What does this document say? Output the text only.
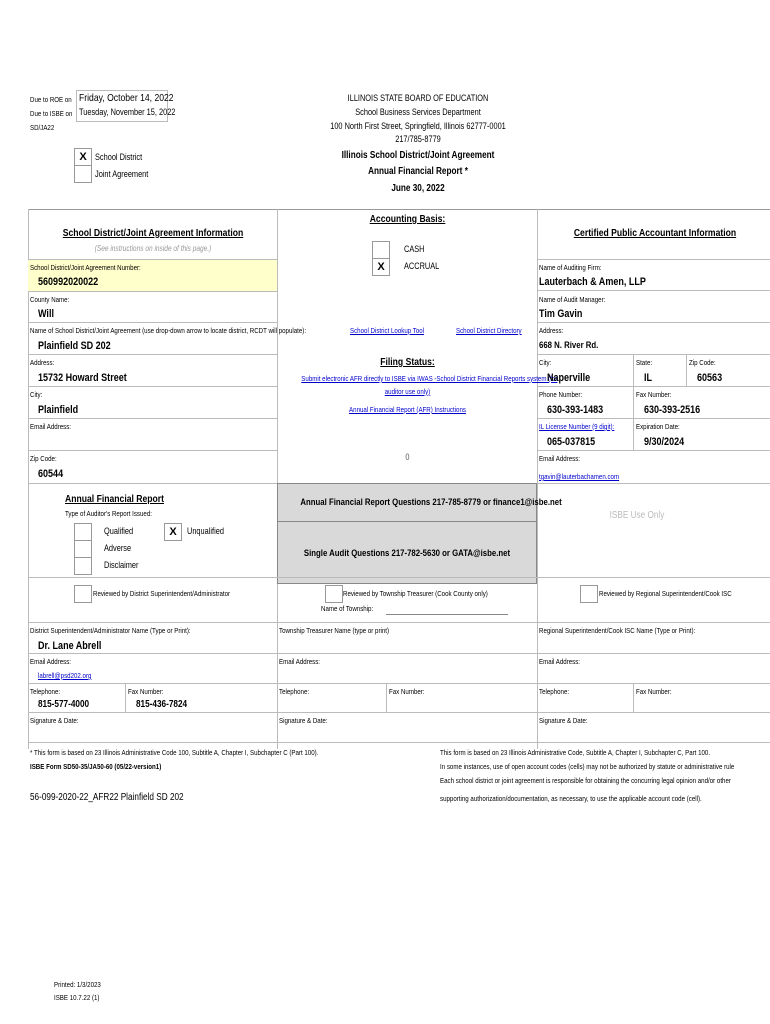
Due to ROE on Friday, October 14, 2022
Due to ISBE on Tuesday, November 15, 2022
SD/JA22
X School District
Joint Agreement
ILLINOIS STATE BOARD OF EDUCATION
School Business Services Department
100 North First Street, Springfield, Illinois 62777-0001
217/785-8779
Illinois School District/Joint Agreement
Annual Financial Report *
June 30, 2022
School District/Joint Agreement Information
(See instructions on inside of this page.)
School District/Joint Agreement Number:
560992020022
County Name:
Will
Name of School District/Joint Agreement (use drop-down arrow to locate district, RCDT will populate):
Plainfield SD 202
Address:
15732 Howard Street
City:
Plainfield
Email Address:
Zip Code:
60544
Accounting Basis:
CASH
X	ACCRUAL
School District Lookup Tool	School District Directory
Filing Status:
Submit electronic AFR directly to ISBE via IWAS -School District Financial Reports system (for
auditor use only)
Annual Financial Report (AFR) Instructions
0
Certified Public Accountant Information
Name of Auditing Firm:
Lauterbach & Amen, LLP
Name of Audit Manager:
Tim Gavin
Address:
668 N. River Rd.
City:
Naperville
State:
IL
Zip Code:
60563
Phone Number:
630-393-1483
Fax Number:
630-393-2516
IL License Number (9 digit):
065-037815
Expiration Date:
9/30/2024
Email Address:
tgavin@lauterbachamen.com
Annual Financial Report
Type of Auditor's Report Issued:
Qualified	X	Unqualified
Adverse
Disclaimer
Annual Financial Report Questions 217-785-8779 or finance1@isbe.net
Single Audit Questions 217-782-5630 or GATA@isbe.net
ISBE Use Only
Reviewed by District Superintendent/Administrator	Reviewed by Township Treasurer (Cook County only)
Name of Township:
Reviewed by Regional Superintendent/Cook ISC
District Superintendent/Administrator Name (Type or Print):
Dr. Lane Abrell
Township Treasurer Name (type or print)	Regional Superintendent/Cook ISC Name (Type or Print):
Email Address:
labrell@psd202.org
Email Address:	Email Address:
Telephone:
815-577-4000
Fax Number:
815-436-7824
Telephone:	Fax Number:	Telephone:	Fax Number:
Signature & Date:	Signature & Date:	Signature & Date:
* This form is based on 23 Illinois Administrative Code 100, Subtitle A, Chapter I, Subchapter C (Part 100).
ISBE Form SD50-35/JA50-60 (05/22-version1)
56-099-2020-22_AFR22 Plainfield SD 202
This form is based on 23 Illinois Administrative Code, Subtitle A, Chapter I, Subchapter C, Part 100.
In some instances, use of open account codes (cells) may not be authorized by statute or administrative rule
Each school district or joint agreement is responsible for obtaining the concurring legal opinion and/or other
supporting authorization/documentation, as necessary, to use the applicable account code (cell).
Printed: 1/3/2023
ISBE 10.7.22 (1)
